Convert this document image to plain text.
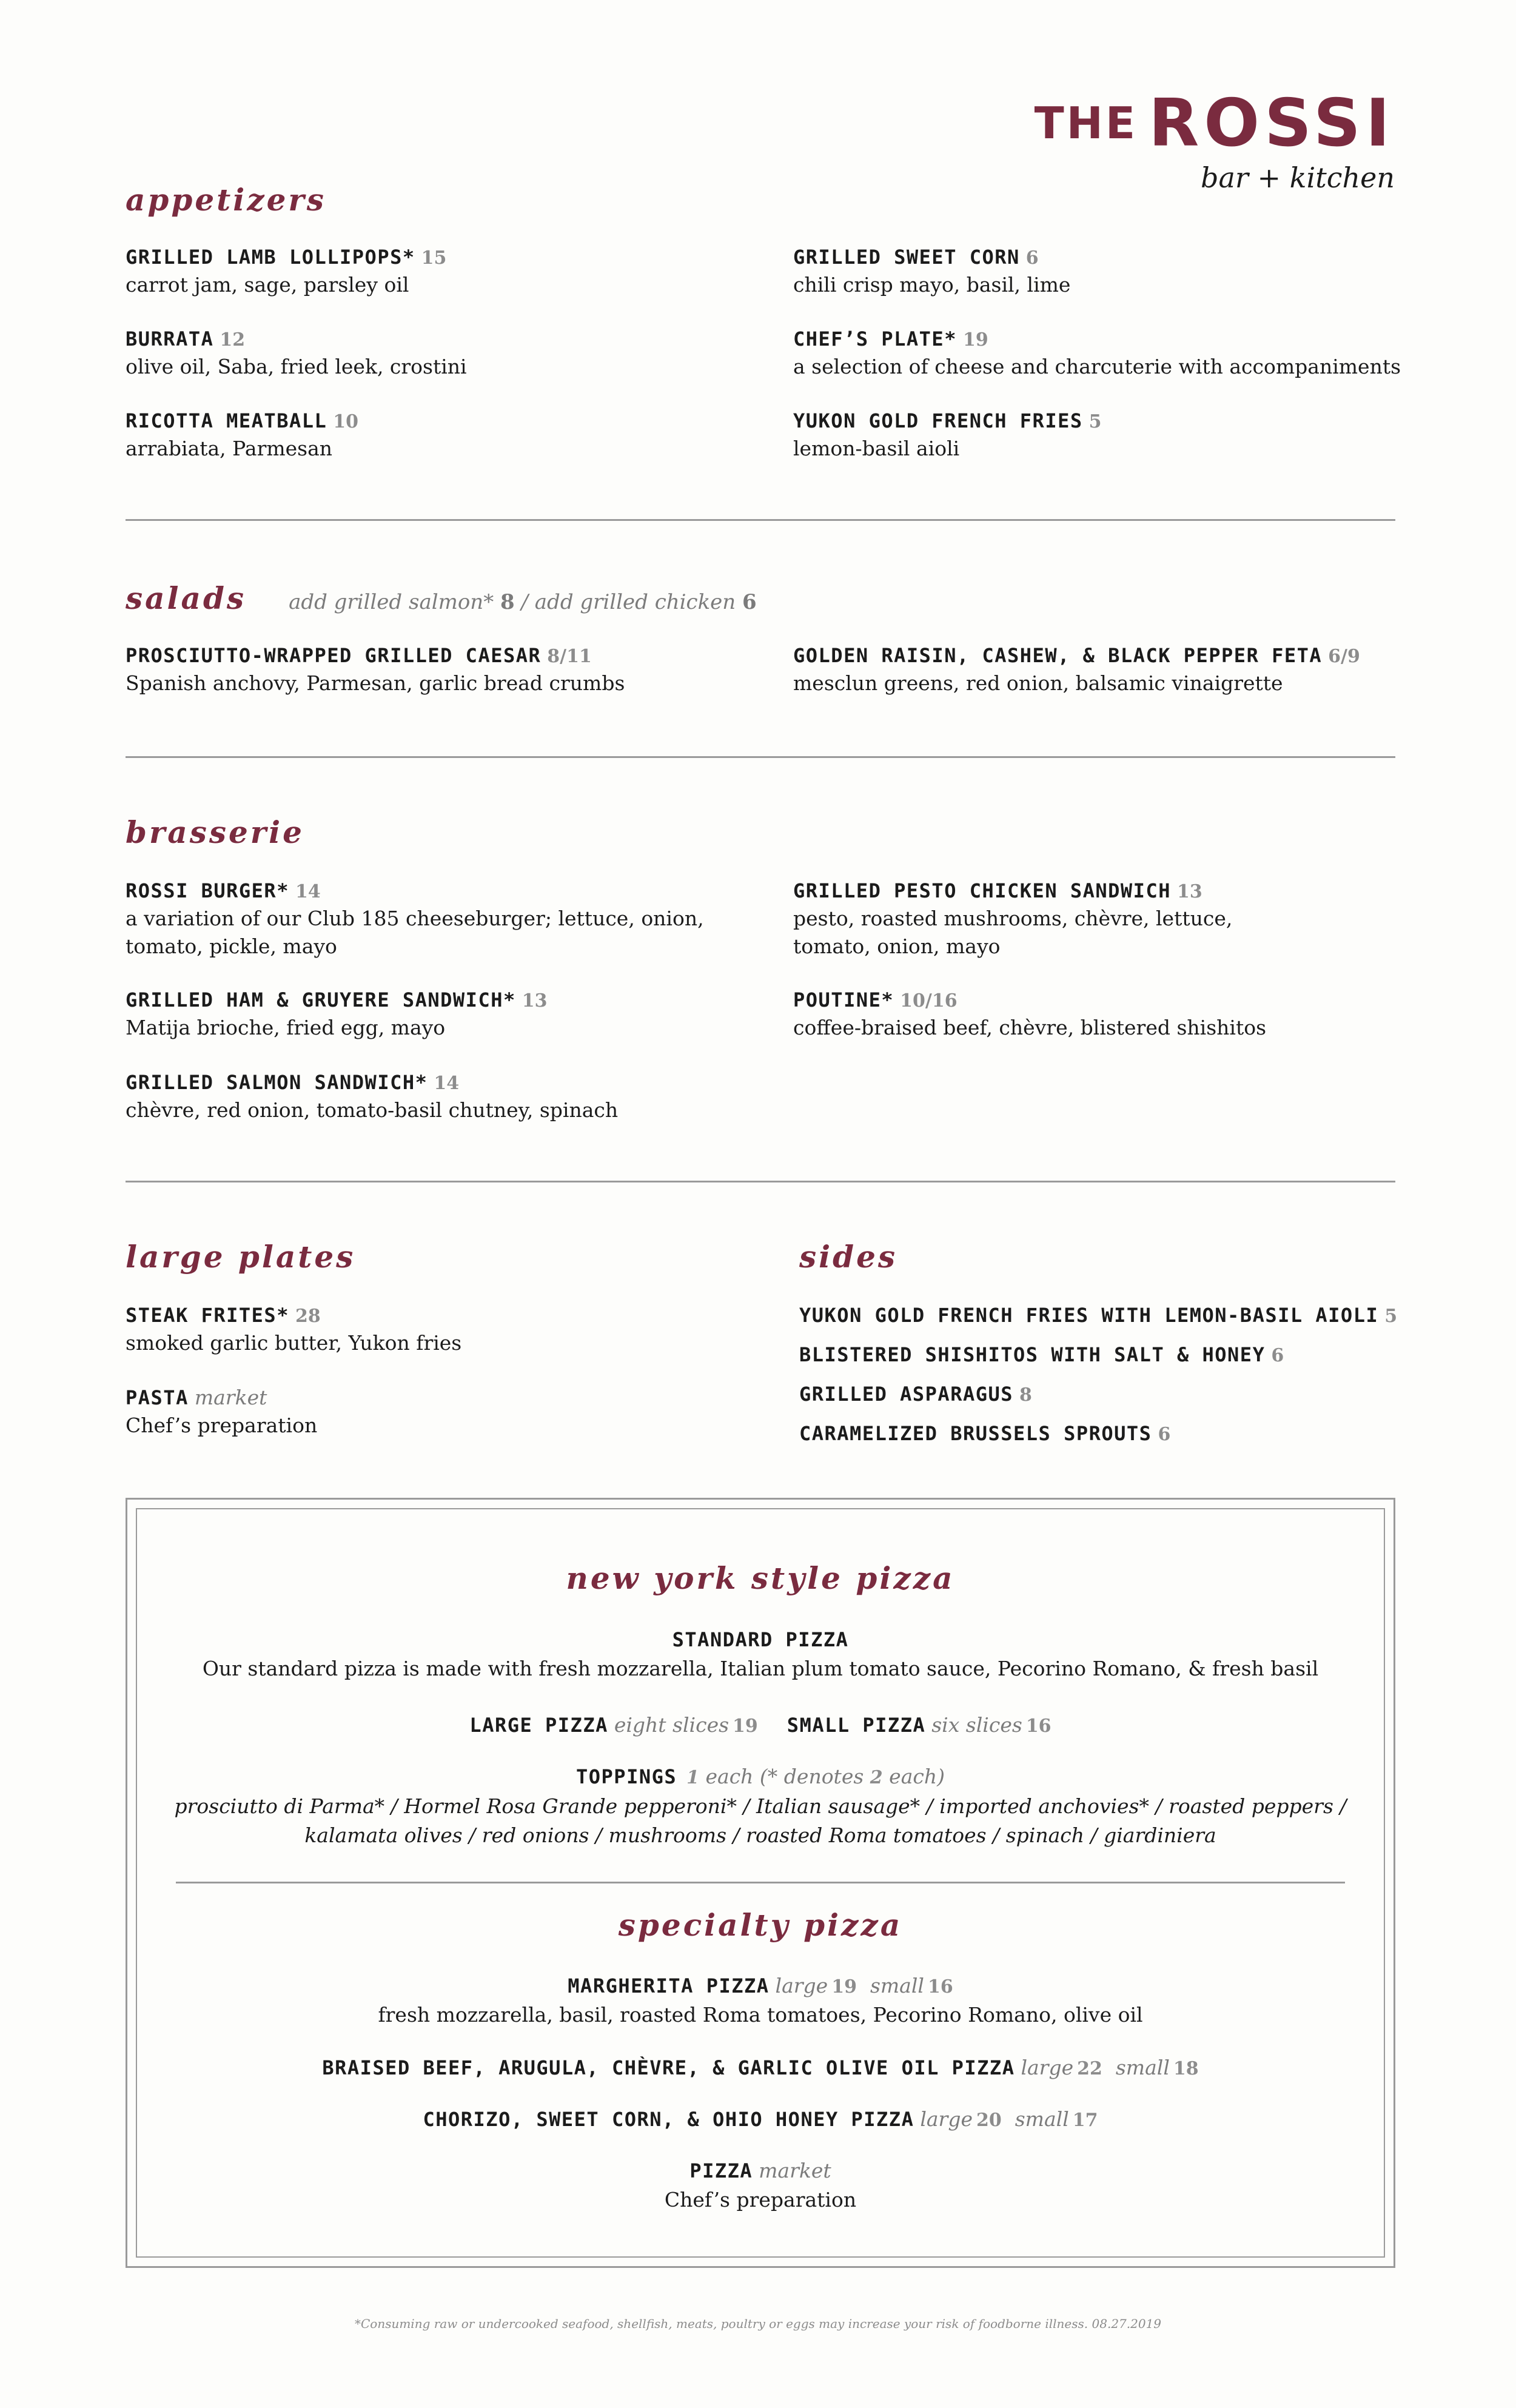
THE ROSSI
bar + kitchen
appetizers
GRILLED LAMB LOLLIPOPS* 15
carrot jam, sage, parsley oil
BURRATA 12
olive oil, Saba, fried leek, crostini
RICOTTA MEATBALL 10
arrabiata, Parmesan
GRILLED SWEET CORN 6
chili crisp mayo, basil, lime
CHEF’S PLATE* 19
a selection of cheese and charcuterie with accompaniments
YUKON GOLD FRENCH FRIES 5
lemon-basil aioli
salads add grilled salmon* 8 / add grilled chicken 6
PROSCIUTTO-WRAPPED GRILLED CAESAR 8/11
Spanish anchovy, Parmesan, garlic bread crumbs
GOLDEN RAISIN, CASHEW, & BLACK PEPPER FETA 6/9
mesclun greens, red onion, balsamic vinaigrette
brasserie
ROSSI BURGER* 14
a variation of our Club 185 cheeseburger; lettuce, onion,
tomato, pickle, mayo
GRILLED HAM & GRUYERE SANDWICH* 13
Matija brioche, fried egg, mayo
GRILLED SALMON SANDWICH* 14
chèvre, red onion, tomato-basil chutney, spinach
GRILLED PESTO CHICKEN SANDWICH 13
pesto, roasted mushrooms, chèvre, lettuce,
tomato, onion, mayo
POUTINE* 10/16
coffee-braised beef, chèvre, blistered shishitos
large plates
STEAK FRITES* 28
smoked garlic butter, Yukon fries
PASTA market
Chef’s preparation
sides
YUKON GOLD FRENCH FRIES WITH LEMON-BASIL AIOLI 5
BLISTERED SHISHITOS WITH SALT & HONEY 6
GRILLED ASPARAGUS 8
CARAMELIZED BRUSSELS SPROUTS 6
new york style pizza
STANDARD PIZZA
Our standard pizza is made with fresh mozzarella, Italian plum tomato sauce, Pecorino Romano, & fresh basil
LARGE PIZZA eight slices 19 SMALL PIZZA six slices 16
TOPPINGS 1 each (* denotes 2 each)
prosciutto di Parma* / Hormel Rosa Grande pepperoni* / Italian sausage* / imported anchovies* / roasted peppers /
kalamata olives / red onions / mushrooms / roasted Roma tomatoes / spinach / giardiniera
specialty pizza
MARGHERITA PIZZA large 19 small 16
fresh mozzarella, basil, roasted Roma tomatoes, Pecorino Romano, olive oil
BRAISED BEEF, ARUGULA, CHÈVRE, & GARLIC OLIVE OIL PIZZA large 22 small 18
CHORIZO, SWEET CORN, & OHIO HONEY PIZZA large 20 small 17
PIZZA market
Chef’s preparation
*Consuming raw or undercooked seafood, shellfish, meats, poultry or eggs may increase your risk of foodborne illness. 08.27.2019
